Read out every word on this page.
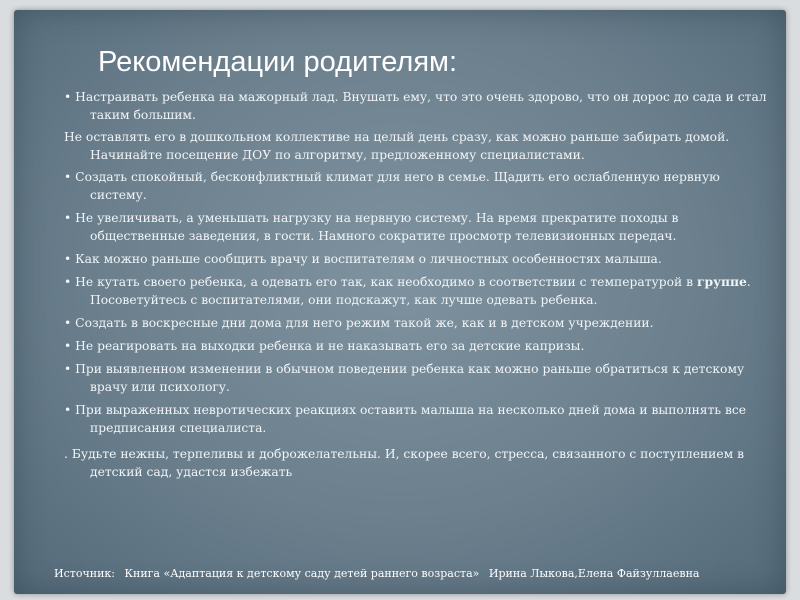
Рекомендации родителям:
• Настраивать ребенка на мажорный лад. Внушать ему, что это очень здорово, что он дорос до сада и стал таким большим.
Не оставлять его в дошкольном коллективе на целый день сразу, как можно раньше забирать домой. Начинайте посещение ДОУ по алгоритму, предложенному специалистами.
• Создать спокойный, бесконфликтный климат для него в семье. Щадить его ослабленную нервную систему.
• Не увеличивать, а уменьшать нагрузку на нервную систему. На время прекратите походы в общественные заведения, в гости. Намного сократите просмотр телевизионных передач.
• Как можно раньше сообщить врачу и воспитателям о личностных особенностях малыша.
• Не кутать своего ребенка, а одевать его так, как необходимо в соответствии с температурой в группе. Посоветуйтесь с воспитателями, они подскажут, как лучше одевать ребенка.
• Создать в воскресные дни дома для него режим такой же, как и в детском учреждении.
• Не реагировать на выходки ребенка и не наказывать его за детские капризы.
• При выявленном изменении в обычном поведении ребенка как можно раньше обратиться к детскому врачу или психологу.
• При выраженных невротических реакциях оставить малыша на несколько дней дома и выполнять все предписания специалиста.
. Будьте нежны, терпеливы и доброжелательны. И, скорее всего, стресса, связанного с поступлением в детский сад, удастся избежать
Источник: Книга «Адаптация к детскому саду детей раннего возраста» Ирина Лыкова,Елена Файзуллаевна
